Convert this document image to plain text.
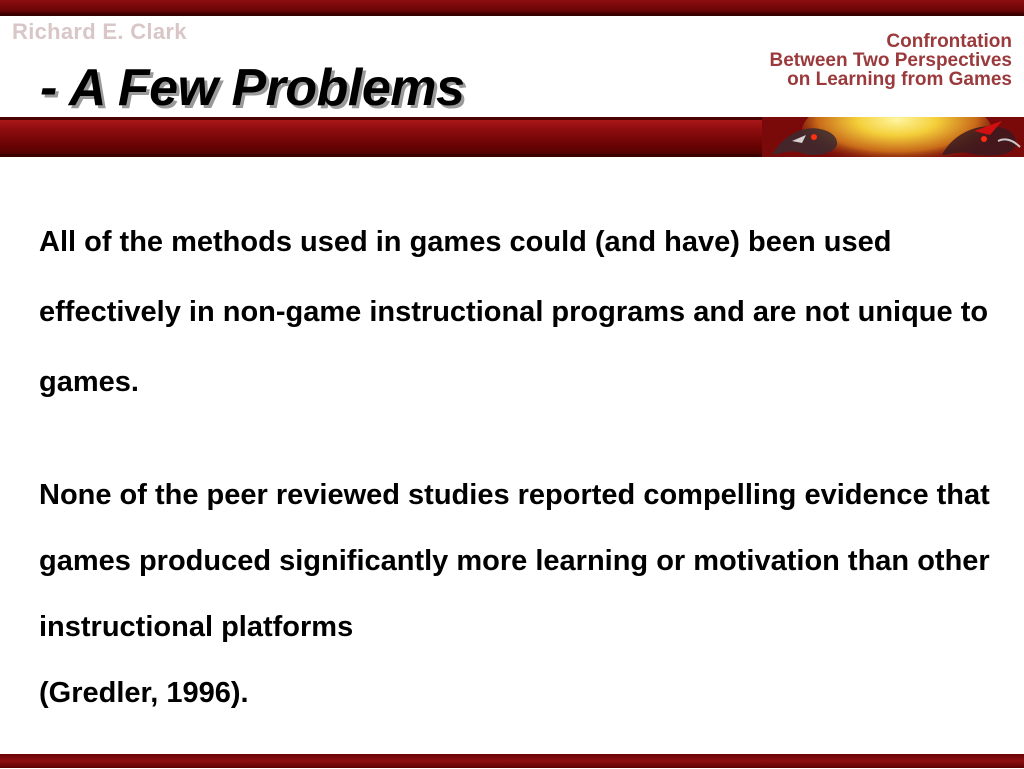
Richard E. Clark	Confrontation
Between Two Perspectives
on Learning from Games
- A Few Problems
All of the methods used in games could (and have) been used effectively in non-game instructional programs and are not unique to games.
None of the peer reviewed studies reported compelling evidence that games produced significantly more learning or motivation than other instructional platforms
(Gredler, 1996).
